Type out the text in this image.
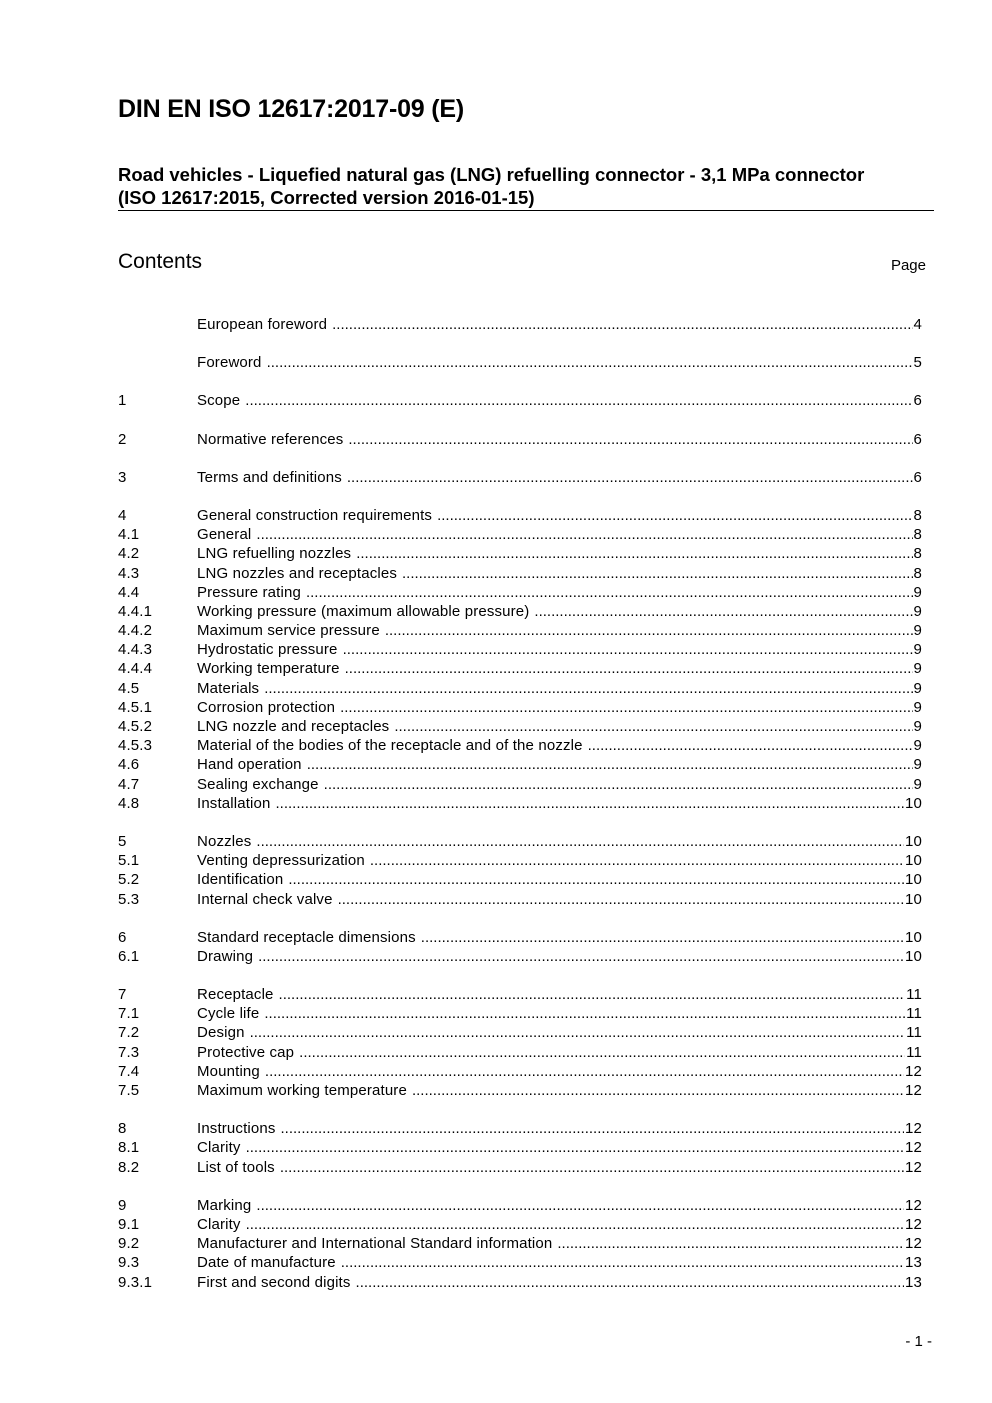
DIN EN ISO 12617:2017-09 (E)
Road vehicles - Liquefied natural gas (LNG) refuelling connector - 3,1 MPa connector
(ISO 12617:2015, Corrected version 2016-01-15)
Contents	Page
European foreword .....	4
Foreword .....	5
1	Scope .....	6
2	Normative references .....	6
3	Terms and definitions .....	6
4	General construction requirements .....	8
4.1	General .....	8
4.2	LNG refuelling nozzles .....	8
4.3	LNG nozzles and receptacles .....	8
4.4	Pressure rating .....	9
4.4.1	Working pressure (maximum allowable pressure) .....	9
4.4.2	Maximum service pressure .....	9
4.4.3	Hydrostatic pressure .....	9
4.4.4	Working temperature .....	9
4.5	Materials .....	9
4.5.1	Corrosion protection .....	9
4.5.2	LNG nozzle and receptacles .....	9
4.5.3	Material of the bodies of the receptacle and of the nozzle .....	9
4.6	Hand operation .....	9
4.7	Sealing exchange .....	9
4.8	Installation .....	10
5	Nozzles .....	10
5.1	Venting depressurization .....	10
5.2	Identification .....	10
5.3	Internal check valve .....	10
6	Standard receptacle dimensions .....	10
6.1	Drawing .....	10
7	Receptacle .....	11
7.1	Cycle life .....	11
7.2	Design .....	11
7.3	Protective cap .....	11
7.4	Mounting .....	12
7.5	Maximum working temperature .....	12
8	Instructions .....	12
8.1	Clarity .....	12
8.2	List of tools .....	12
9	Marking .....	12
9.1	Clarity .....	12
9.2	Manufacturer and International Standard information .....	12
9.3	Date of manufacture .....	13
9.3.1	First and second digits .....	13
- 1 -
